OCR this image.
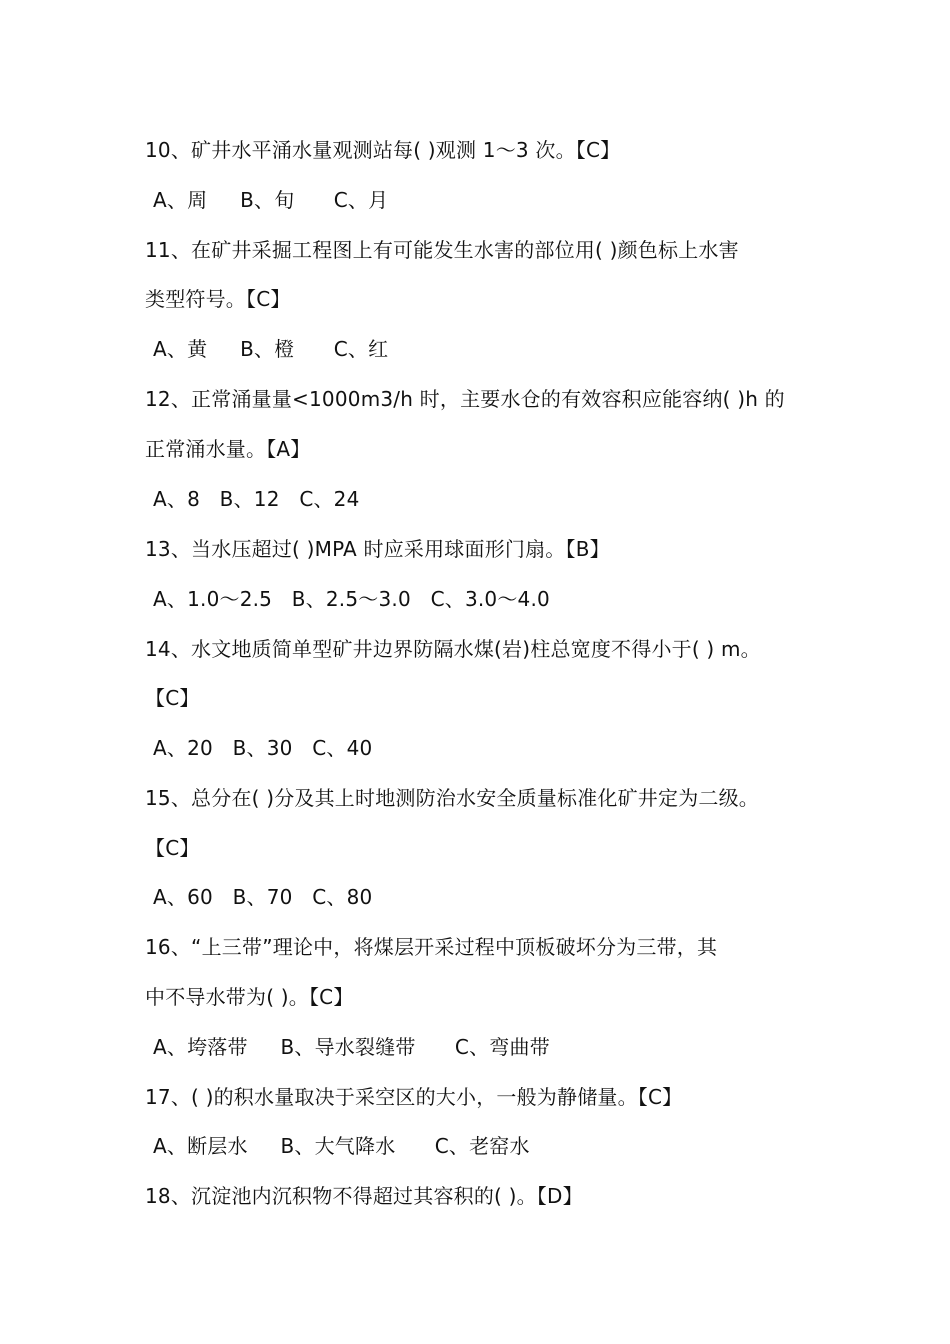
10、矿井水平涌水量观测站每( )观测 1～3 次。【C】
A、周     B、旬      C、月
11、在矿井采掘工程图上有可能发生水害的部位用( )颜色标上水害
类型符号。【C】
A、黄     B、橙      C、红
12、正常涌量量<1000m3/h 时，主要水仓的有效容积应能容纳( )h 的
正常涌水量。【A】
A、8   B、12   C、24
13、当水压超过( )MPA 时应采用球面形门扇。【B】
A、1.0～2.5   B、2.5～3.0   C、3.0～4.0
14、水文地质简单型矿井边界防隔水煤(岩)柱总宽度不得小于( ) m。
【C】
A、20   B、30   C、40
15、总分在( )分及其上时地测防治水安全质量标准化矿井定为二级。
【C】
A、60   B、70   C、80
16、“上三带”理论中，将煤层开采过程中顶板破坏分为三带，其
中不导水带为( )。【C】
A、垮落带     B、导水裂缝带      C、弯曲带
17、( )的积水量取决于采空区的大小，一般为静储量。【C】
A、断层水     B、大气降水      C、老窑水
18、沉淀池内沉积物不得超过其容积的( )。【D】
